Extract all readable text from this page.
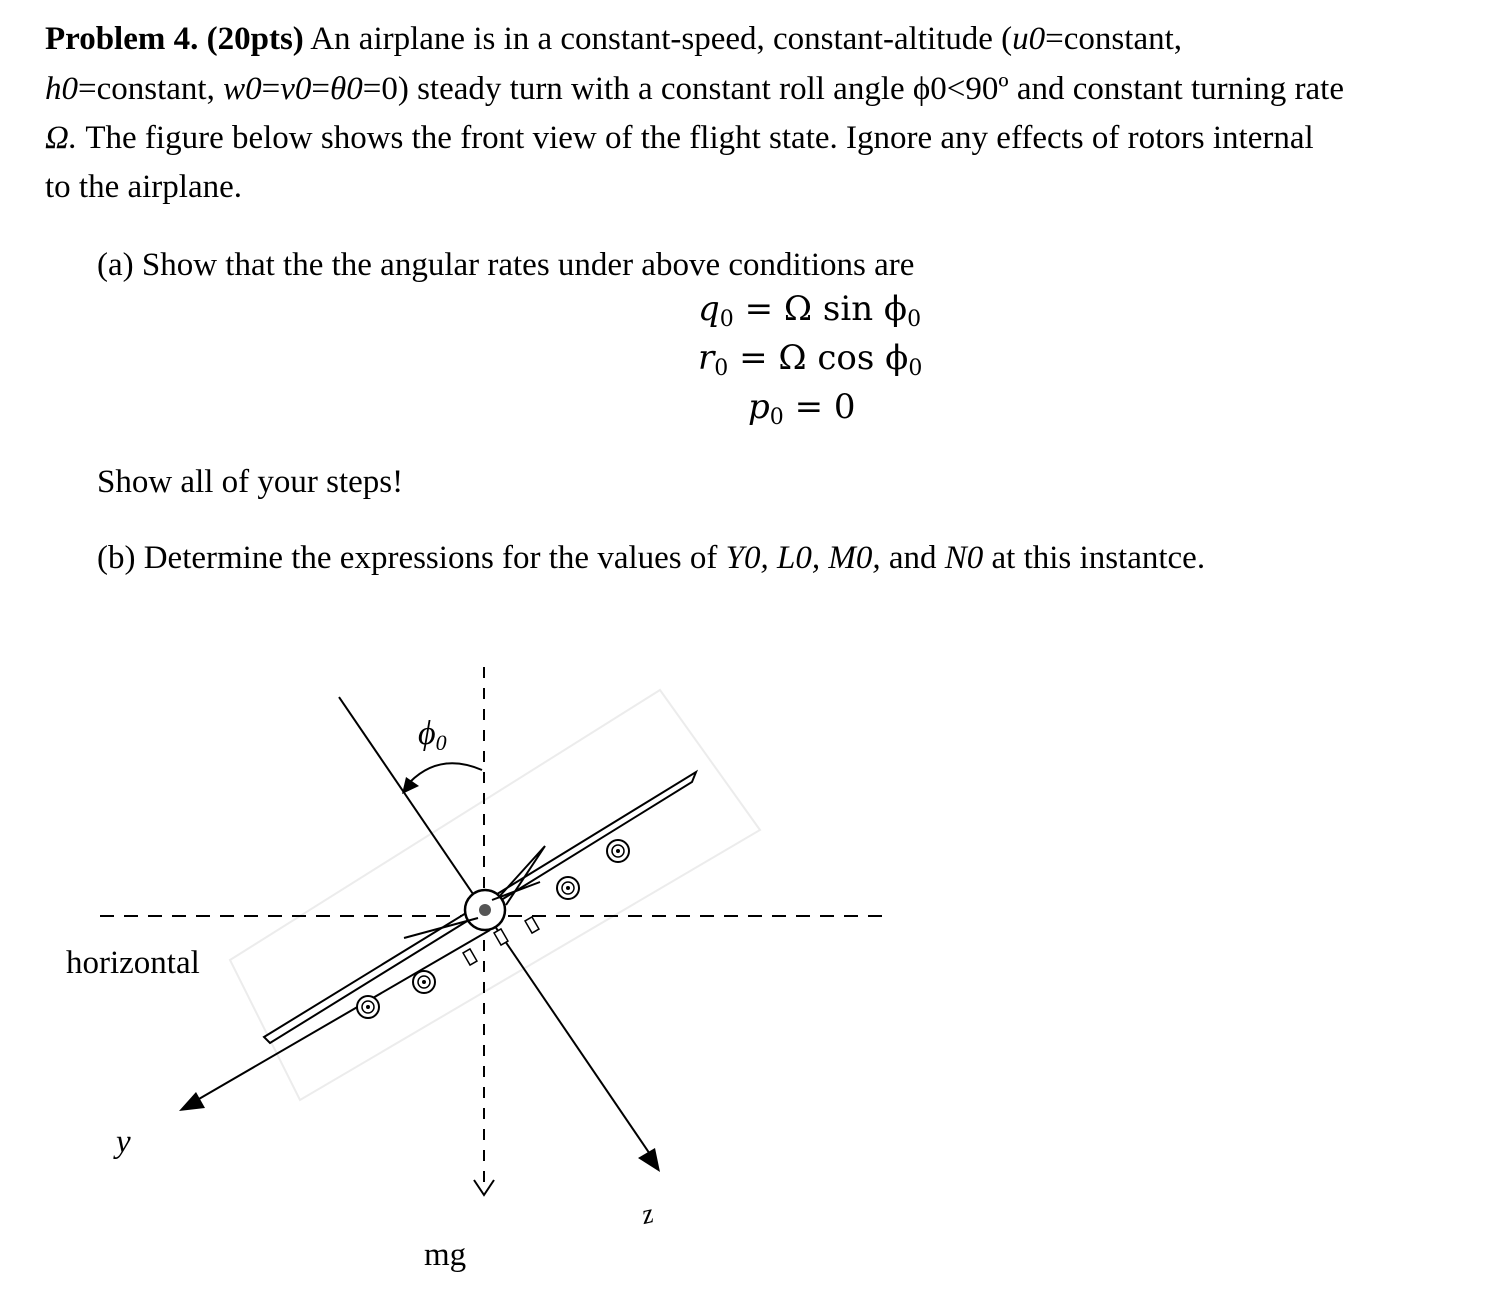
Problem 4. (20pts) An airplane is in a constant-speed, constant-altitude (u0=constant,
h0=constant, w0=v0=θ0=0) steady turn with a constant roll angle ϕ0<90º and constant turning rate
Ω. The figure below shows the front view of the flight state. Ignore any effects of rotors internal
to the airplane.
(a) Show that the the angular rates under above conditions are
$q_0 = \Omega$ $\sin \phi_0$
$r_0 = \Omega$ $\cos \phi_0$
$p_0 = 0$
Show all of your steps!
(b) Determine the expressions for the values of Y0, L0, M0, and N0 at this instantce.
ϕ0
horizontal
y
z
mg
